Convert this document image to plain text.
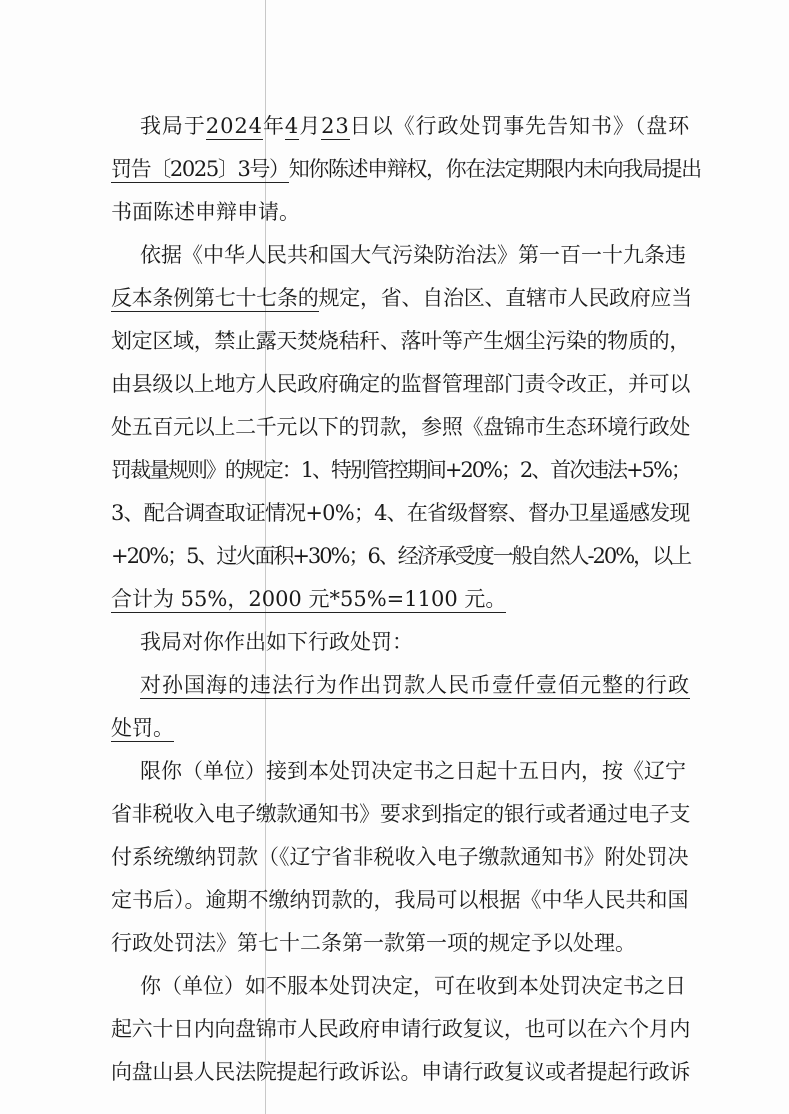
我局于2024年4月23日以《行政处罚事先告知书》（盘环
罚告〔2025〕3号）知你陈述申辩权，你在法定期限内未向我局提出
书面陈述申辩申请。
依据《中华人民共和国大气污染防治法》第一百一十九条违
反本条例第七十七条的规定，省、自治区、直辖市人民政府应当
划定区域，禁止露天焚烧秸秆、落叶等产生烟尘污染的物质的，
由县级以上地方人民政府确定的监督管理部门责令改正，并可以
处五百元以上二千元以下的罚款，参照《盘锦市生态环境行政处
罚裁量规则》的规定：1、特别管控期间+20%；2、首次违法+5%；
3、配合调查取证情况+0%；4、在省级督察、督办卫星遥感发现
+20%；5、过火面积+30%；6、经济承受度一般自然人-20%，以上
合计为 55%，2000 元*55%=1100 元。
我局对你作出如下行政处罚：
对孙国海的违法行为作出罚款人民币壹仟壹佰元整的行政
处罚。
限你（单位）接到本处罚决定书之日起十五日内，按《辽宁
省非税收入电子缴款通知书》要求到指定的银行或者通过电子支
付系统缴纳罚款（《辽宁省非税收入电子缴款通知书》附处罚决
定书后）。逾期不缴纳罚款的，我局可以根据《中华人民共和国
行政处罚法》第七十二条第一款第一项的规定予以处理。
你（单位）如不服本处罚决定，可在收到本处罚决定书之日
起六十日内向盘锦市人民政府申请行政复议，也可以在六个月内
向盘山县人民法院提起行政诉讼。申请行政复议或者提起行政诉
